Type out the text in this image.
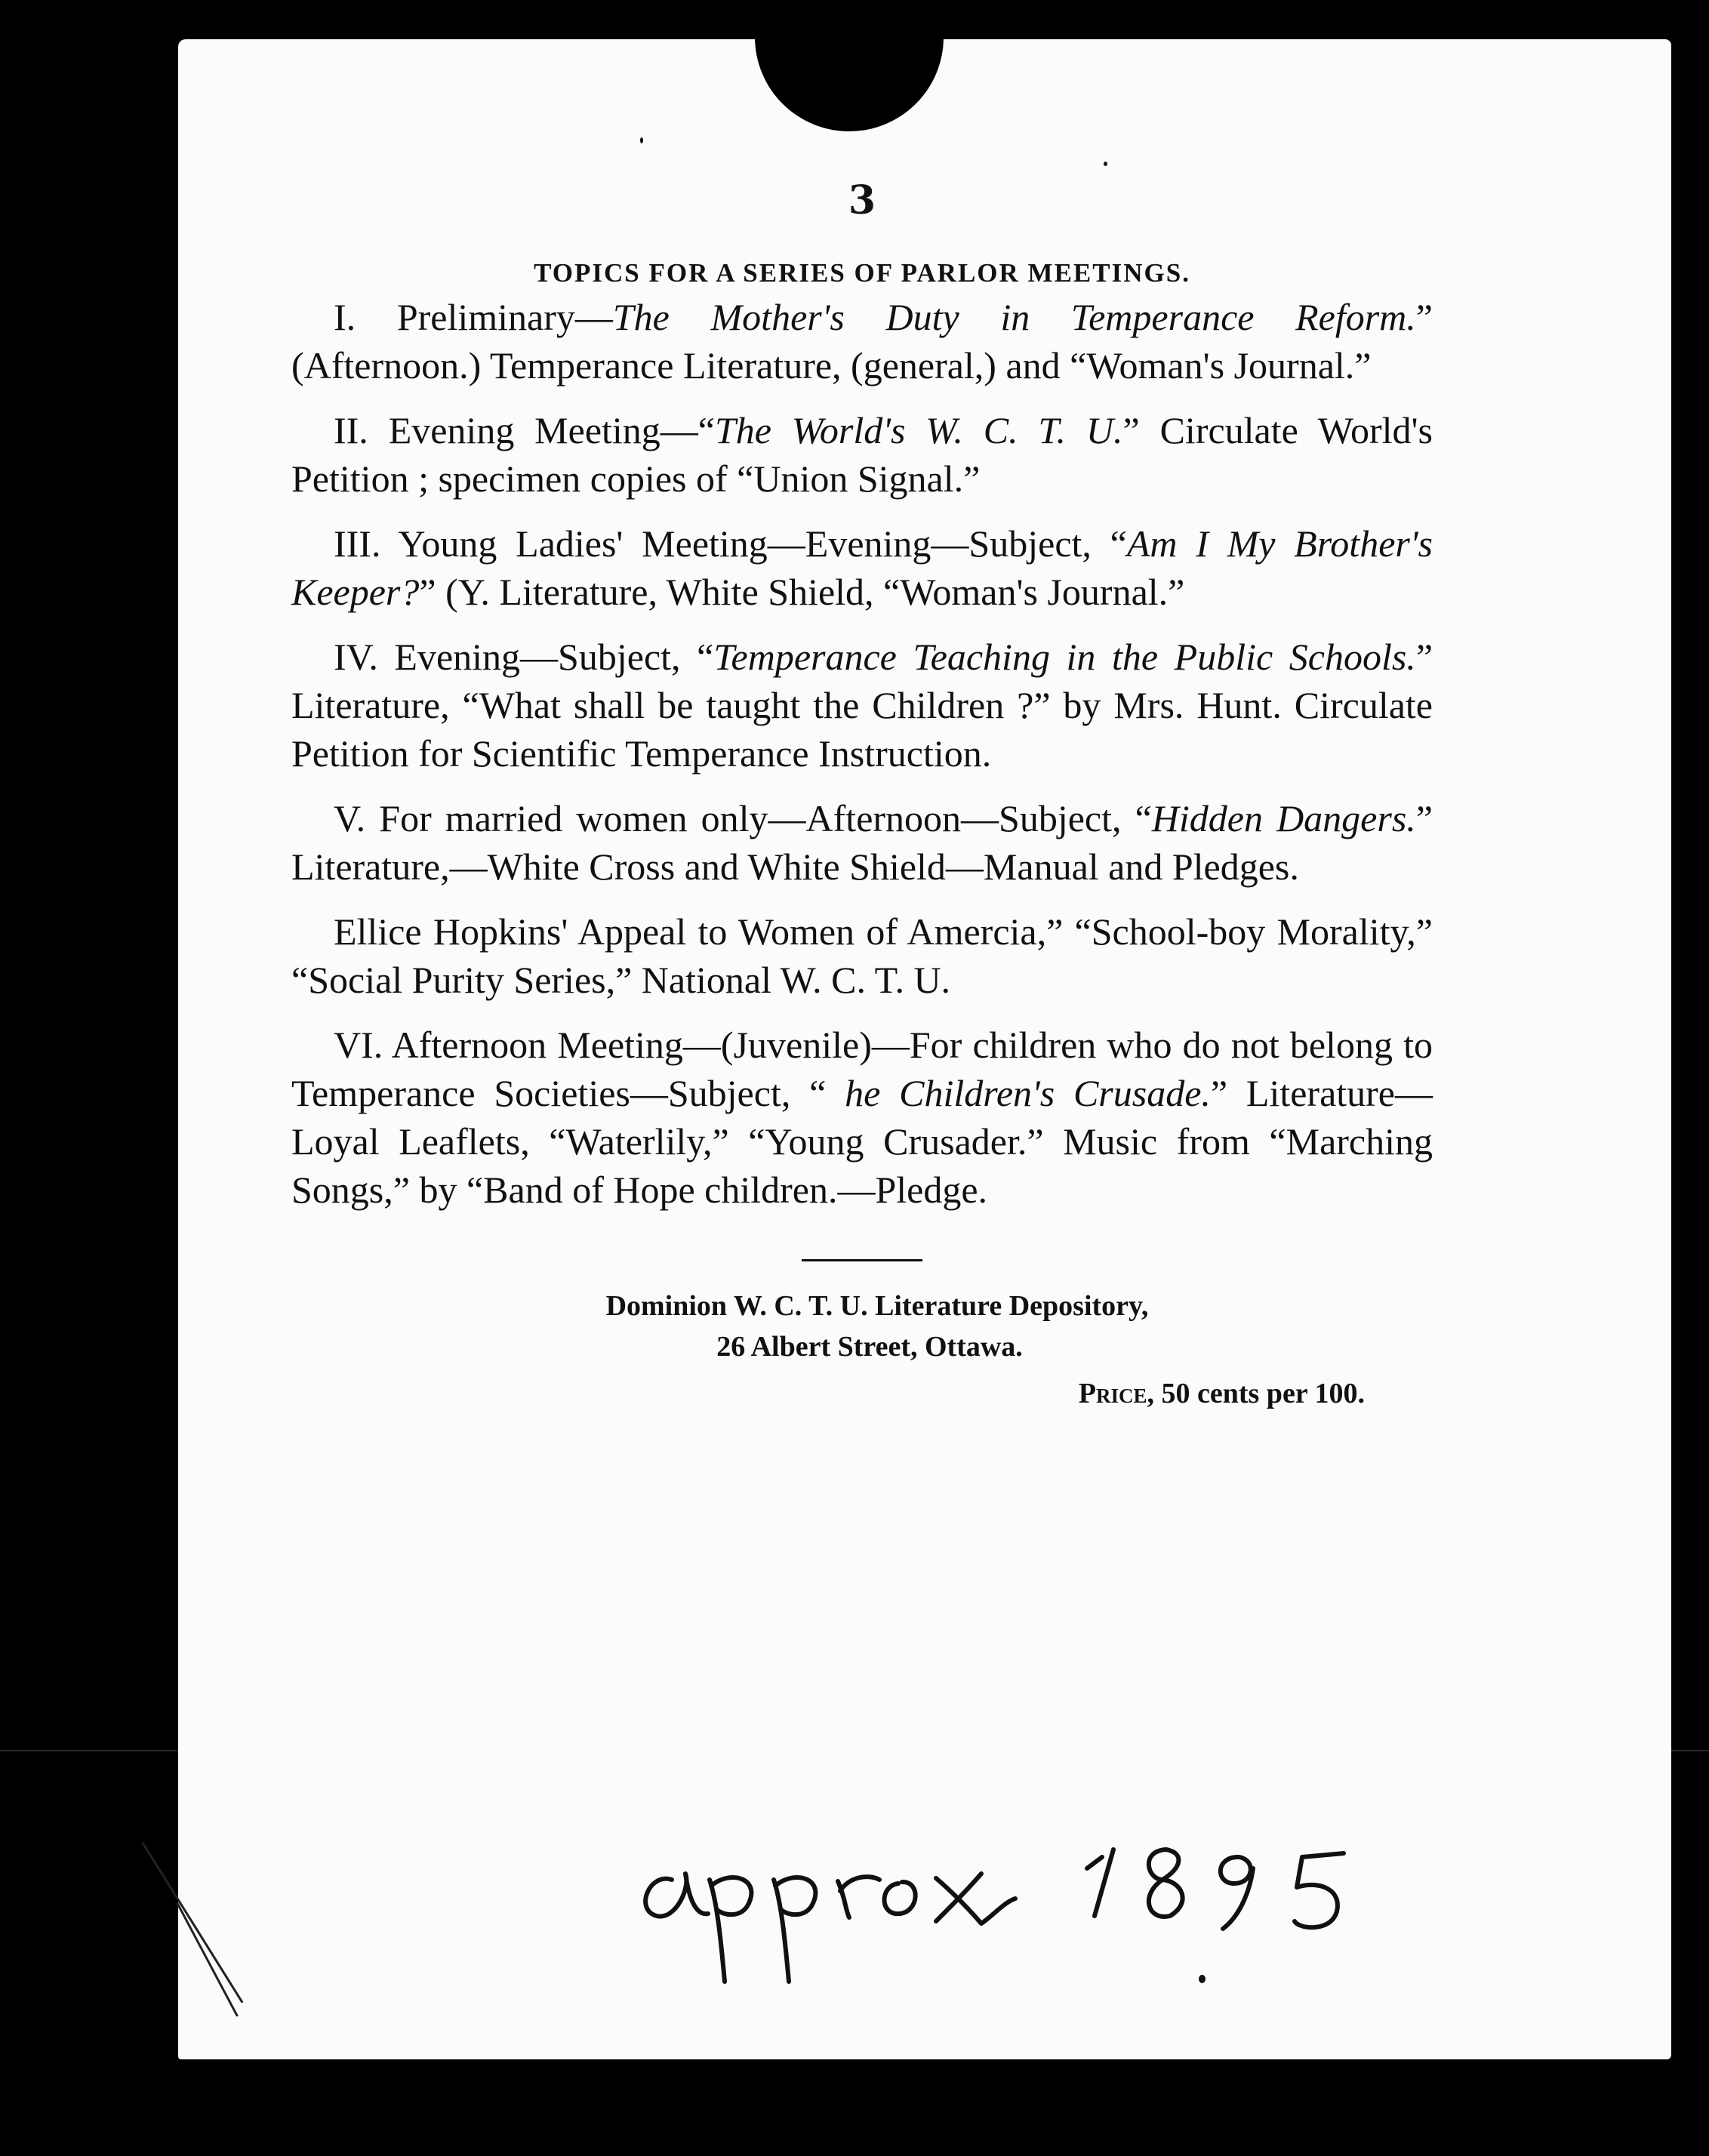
3
TOPICS FOR A SERIES OF PARLOR MEETINGS.

I. Preliminary—The Mother's Duty in Temperance Reform.” (Afternoon.) Temperance Literature, (general,) and “Woman's Journal.”

II. Evening Meeting—“The World's W. C. T. U.” Circulate World's Petition ; specimen copies of “Union Signal.”

III. Young Ladies' Meeting—Evening—Subject, “Am I My Brother's Keeper?” (Y. Literature, White Shield, “Woman's Journal.”

IV. Evening—Subject, “Temperance Teaching in the Public Schools.” Literature, “What shall be taught the Children ?” by Mrs. Hunt. Circulate Petition for Scientific Temperance Instruction.

V. For married women only—Afternoon—Subject, “Hidden Dangers.” Literature,—White Cross and White Shield—Manual and Pledges.

Ellice Hopkins' Appeal to Women of Amercia,” “School-boy Morality,” “Social Purity Series,” National W. C. T. U.

VI. Afternoon Meeting—(Juvenile)—For children who do not belong to Temperance Societies—Subject, “ he Children's Crusade.” Literature—Loyal Leaflets, “Waterlily,” “Young Crusader.” Music from “Marching Songs,” by “Band of Hope children.—Pledge.

Dominion W. C. T. U. Literature Depository,
26 Albert Street, Ottawa.
Price, 50 cents per 100.
